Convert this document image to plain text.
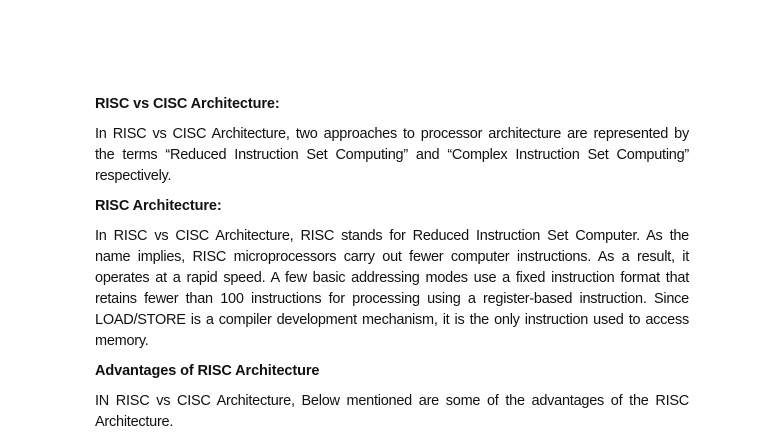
RISC vs CISC Architecture:
In RISC vs CISC Architecture, two approaches to processor architecture are represented by the terms “Reduced Instruction Set Computing” and “Complex Instruction Set Computing” respectively.
RISC Architecture:
In RISC vs CISC Architecture, RISC stands for Reduced Instruction Set Computer. As the name implies, RISC microprocessors carry out fewer computer instructions. As a result, it operates at a rapid speed. A few basic addressing modes use a fixed instruction format that retains fewer than 100 instructions for processing using a register-based instruction. Since LOAD/STORE is a compiler development mechanism, it is the only instruction used to access memory.
Advantages of RISC Architecture
IN RISC vs CISC Architecture, Below mentioned are some of the advantages of the RISC Architecture.
